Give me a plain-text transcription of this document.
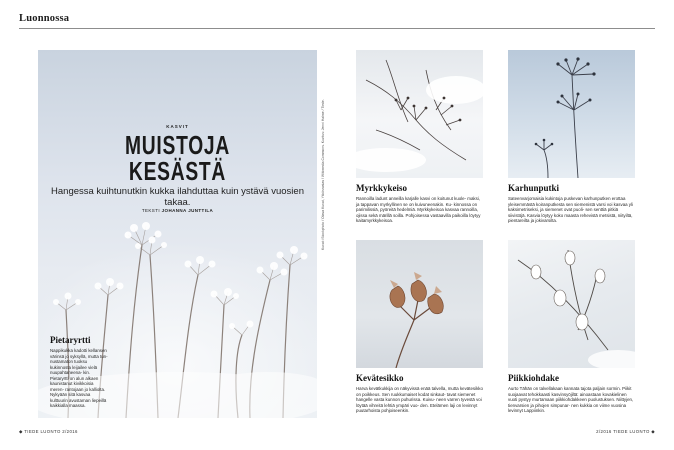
Luonnossa
KASVIT
MUISTOJA
KESÄSTÄ
Hangessa kuihtunutkin kukka ilahduttaa kuin ystävä vuosien takaa.
TEKSTI JOHANNA JUNTTILA

Pietaryrtti

Nappikukka kadotti kellansen värinsä jo syksyllä, mutta tun- nustamaton tuoksu kukinnosta leijailee vielä nuupahtaneena- kin. Pietaryrtti on alun alkaen kaunistanut kivikkoisia meren- rantojaan jo kalliolta. Nykyään sitä kasvaa kulttuurin avustaman liepeillä kaikkialla maassa.

Kuvat: iStockphoto / Otava Kuvat, Ykkösrastas / Wikimedia Commons. Kuvitus: Jenni Halme / Tiede.	Myrkkykeiso

Rannoilla ladunt anneilla karjalle kasvi on koitunut kuole- maksi, ja tappavan myrkyllinen se on kuivuneenakin. Ku- kinnossa on parimilissiä, pyöreitä hedelmiä. Myrkkykeisoa kasvaa rannoilla, ojissa sekä märillä soilla. Pohjoisessa vastaavilla paikoilla löytyy kaitamyrkkykeisoa.

Karhunputki

Sateenvarjomaisia kukintoja puskevan karhunputken erottaa yleisemmästä koiranputkesta sen siemenistä varsi voi kasvaa yli kaksimetriseksi, ja siemenet ovat puoli- sen senttiä pitkiä siivistöjä. Kasvia löytyy koko maasta rehevistä metsistä, niityiltä, pientareilta ja jokivarsilta.

Kevätesikko

Harva kevätkukkija on näkyvissä enää talvella, mutta kevätesikko on poikkeus. Sen ruukkumaiset kodat sinkaut- tavat siemenet hangelle vasta kunnon puhurissa. Kuivu- neen varren tyvestä voi löytää vihreitä lehtiä ympäri vuo- den. Etelämen laji on levinnyt puutarhoista pohjoiseenkin.

Piikkiohdake

Aurto Tähän on talvellakaan kannata tajota paljain sormin. Piikit suojaavat tehokkaasti kasvinsyöjiltä: ainoastaan kovakielinen vuoti pystyy murtamaan piikkiohdakkeen puolustuksen. Niittyjen, tienvarsien ja pihojen simpunar- nen kukkia on viime vuosina levinnyt Lappiinkin.

◆ TIEDE LUONTO 2/2016	2/2016 TIEDE LUONTO ◆
